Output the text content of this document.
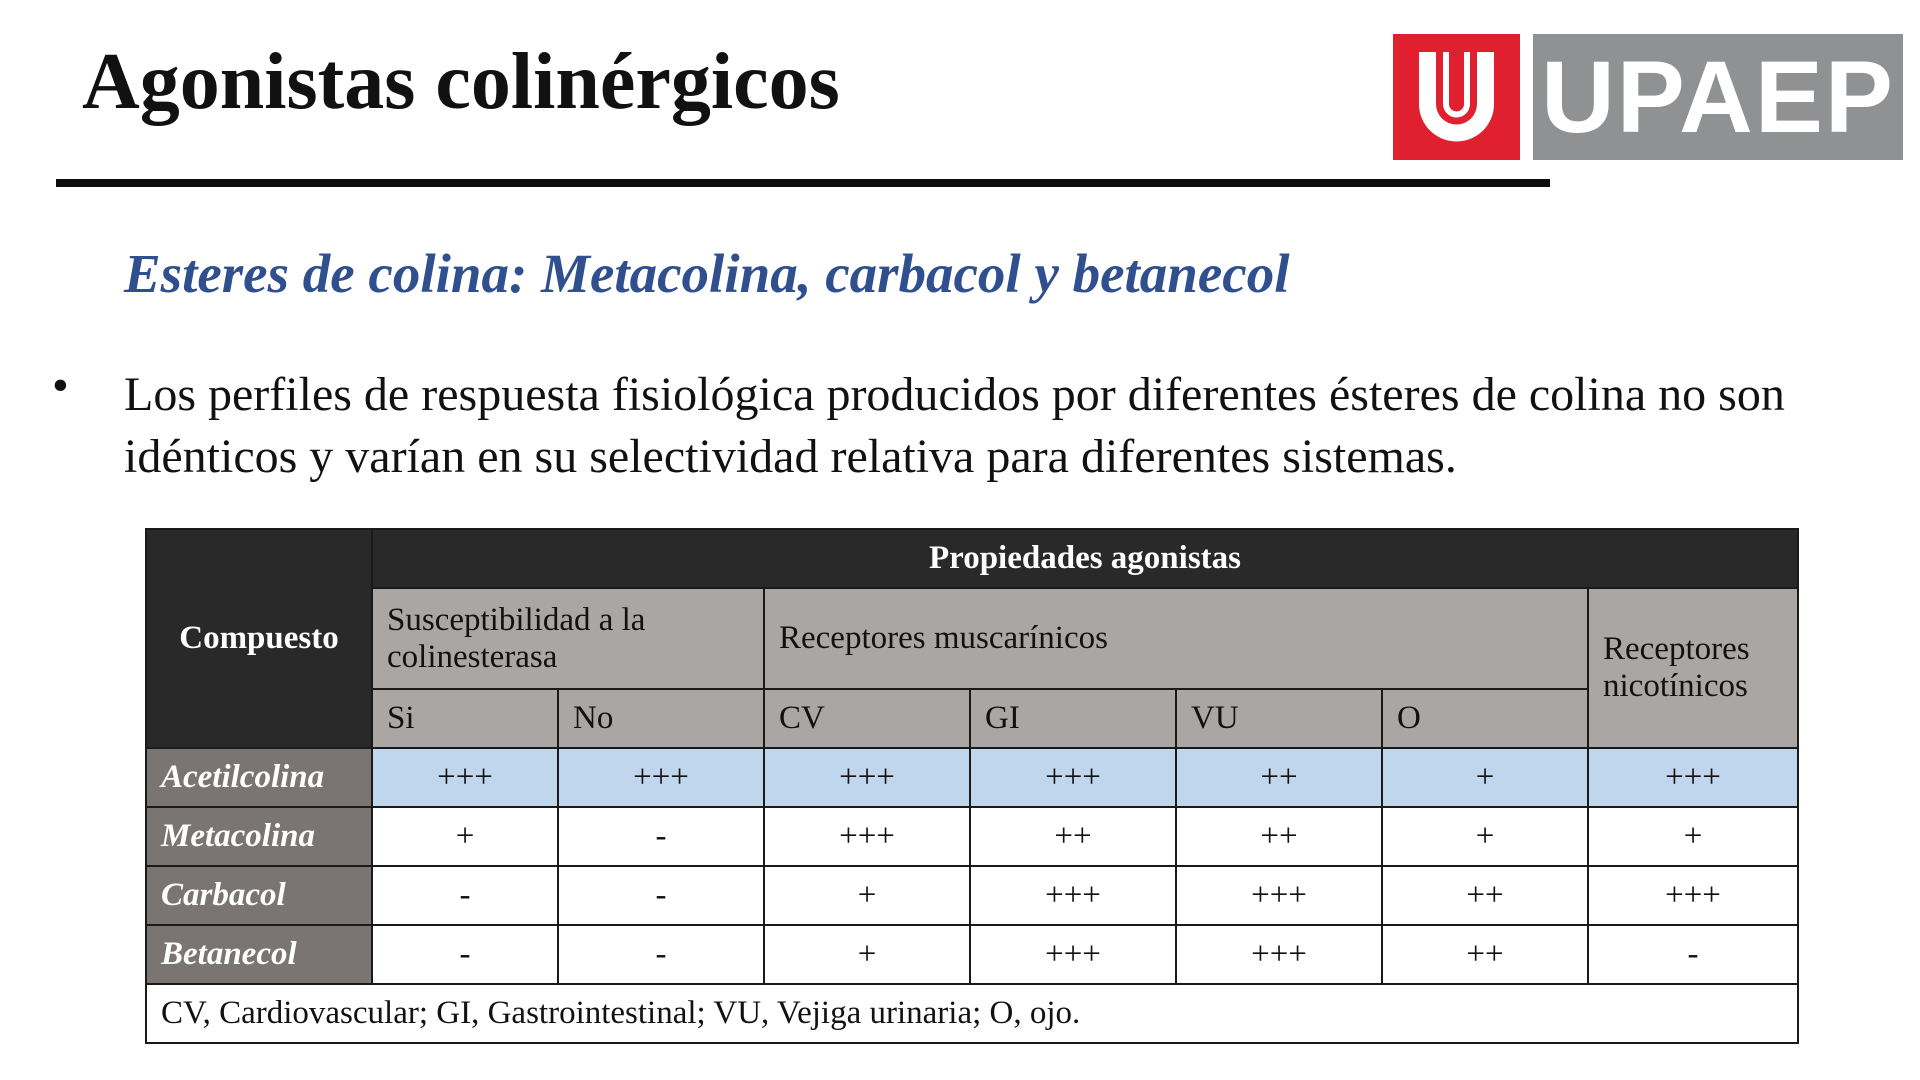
Agonistas colinérgicos	UPAEP
Esteres de colina: Metacolina, carbacol y betanecol
• Los perfiles de respuesta fisiológica producidos por diferentes ésteres de colina no son idénticos y varían en su selectividad relativa para diferentes sistemas.

Compuesto	Propiedades agonistas						
	Susceptibilidad a la colinesterasa		Receptores muscarínicos				Receptores nicotínicos
	Si	No	CV	GI	VU	O	
Acetilcolina	+++	+++	+++	+++	++	+	+++
Metacolina	+	-	+++	++	++	+	+
Carbacol	-	-	+	+++	+++	++	+++
Betanecol	-	-	+	+++	+++	++	-
CV, Cardiovascular; GI, Gastrointestinal; VU, Vejiga urinaria; O, ojo.							
